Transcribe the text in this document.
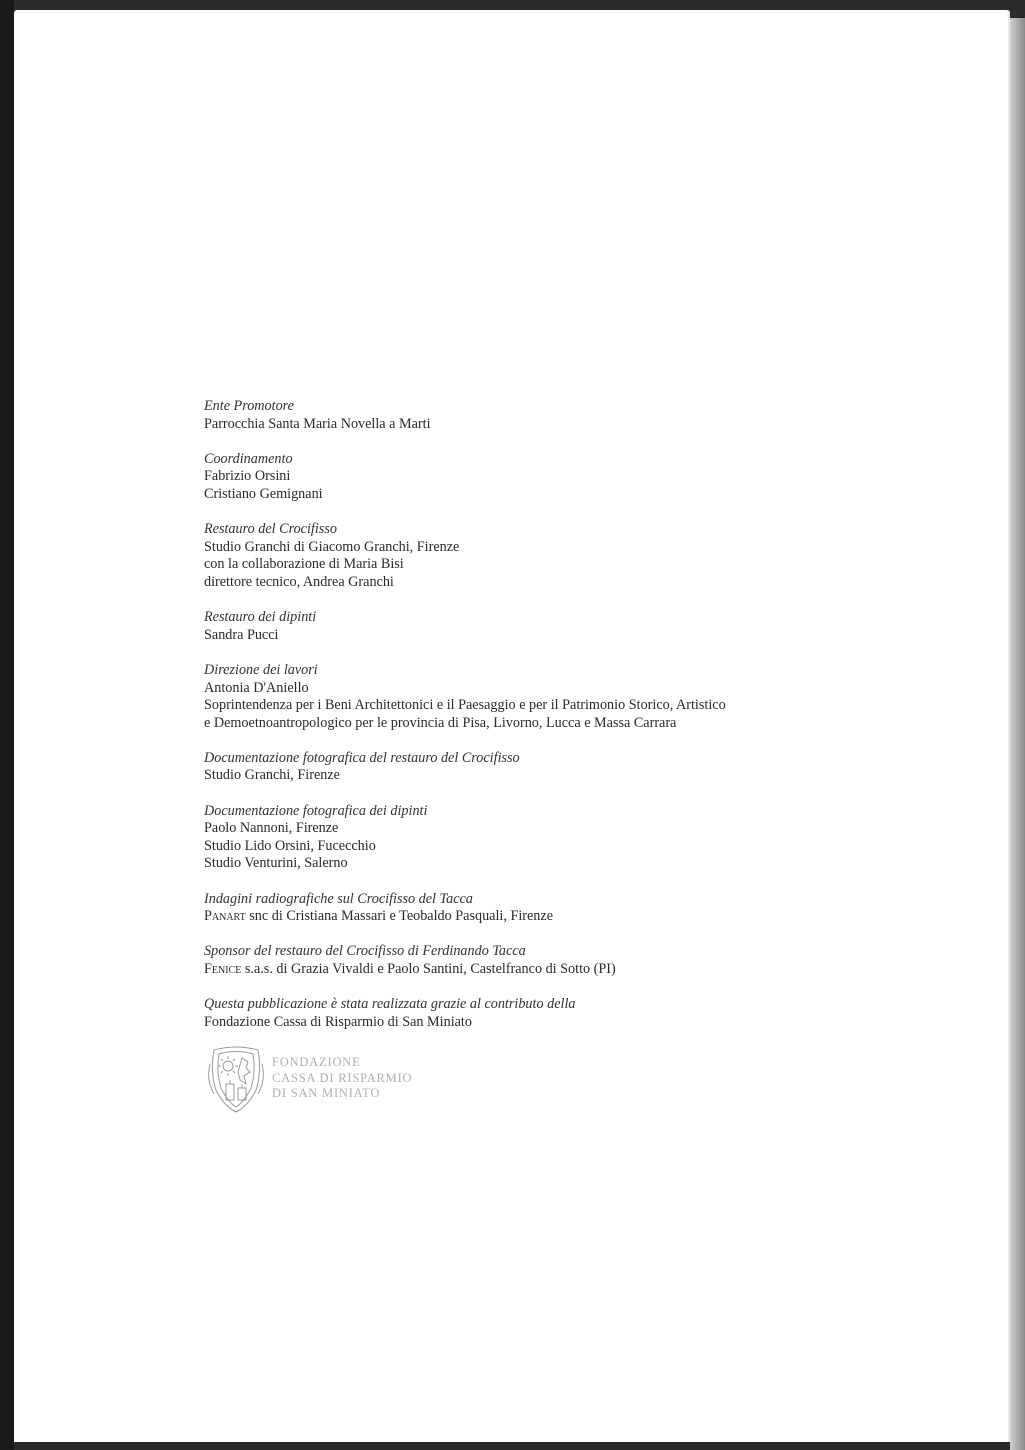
Ente Promotore
Parrocchia Santa Maria Novella a Marti
Coordinamento
Fabrizio Orsini
Cristiano Gemignani
Restauro del Crocifisso
Studio Granchi di Giacomo Granchi, Firenze
con la collaborazione di Maria Bisi
direttore tecnico, Andrea Granchi
Restauro dei dipinti
Sandra Pucci
Direzione dei lavori
Antonia D'Aniello
Soprintendenza per i Beni Architettonici e il Paesaggio e per il Patrimonio Storico, Artistico
e Demoetnoantropologico per le provincia di Pisa, Livorno, Lucca e Massa Carrara
Documentazione fotografica del restauro del Crocifisso
Studio Granchi, Firenze
Documentazione fotografica dei dipinti
Paolo Nannoni, Firenze
Studio Lido Orsini, Fucecchio
Studio Venturini, Salerno
Indagini radiografiche sul Crocifisso del Tacca
Panart snc di Cristiana Massari e Teobaldo Pasquali, Firenze
Sponsor del restauro del Crocifisso di Ferdinando Tacca
Fenice s.a.s. di Grazia Vivaldi e Paolo Santini, Castelfranco di Sotto (PI)
Questa pubblicazione è stata realizzata grazie al contributo della
Fondazione Cassa di Risparmio di San Miniato
FONDAZIONE
CASSA DI RISPARMIO
DI SAN MINIATO
